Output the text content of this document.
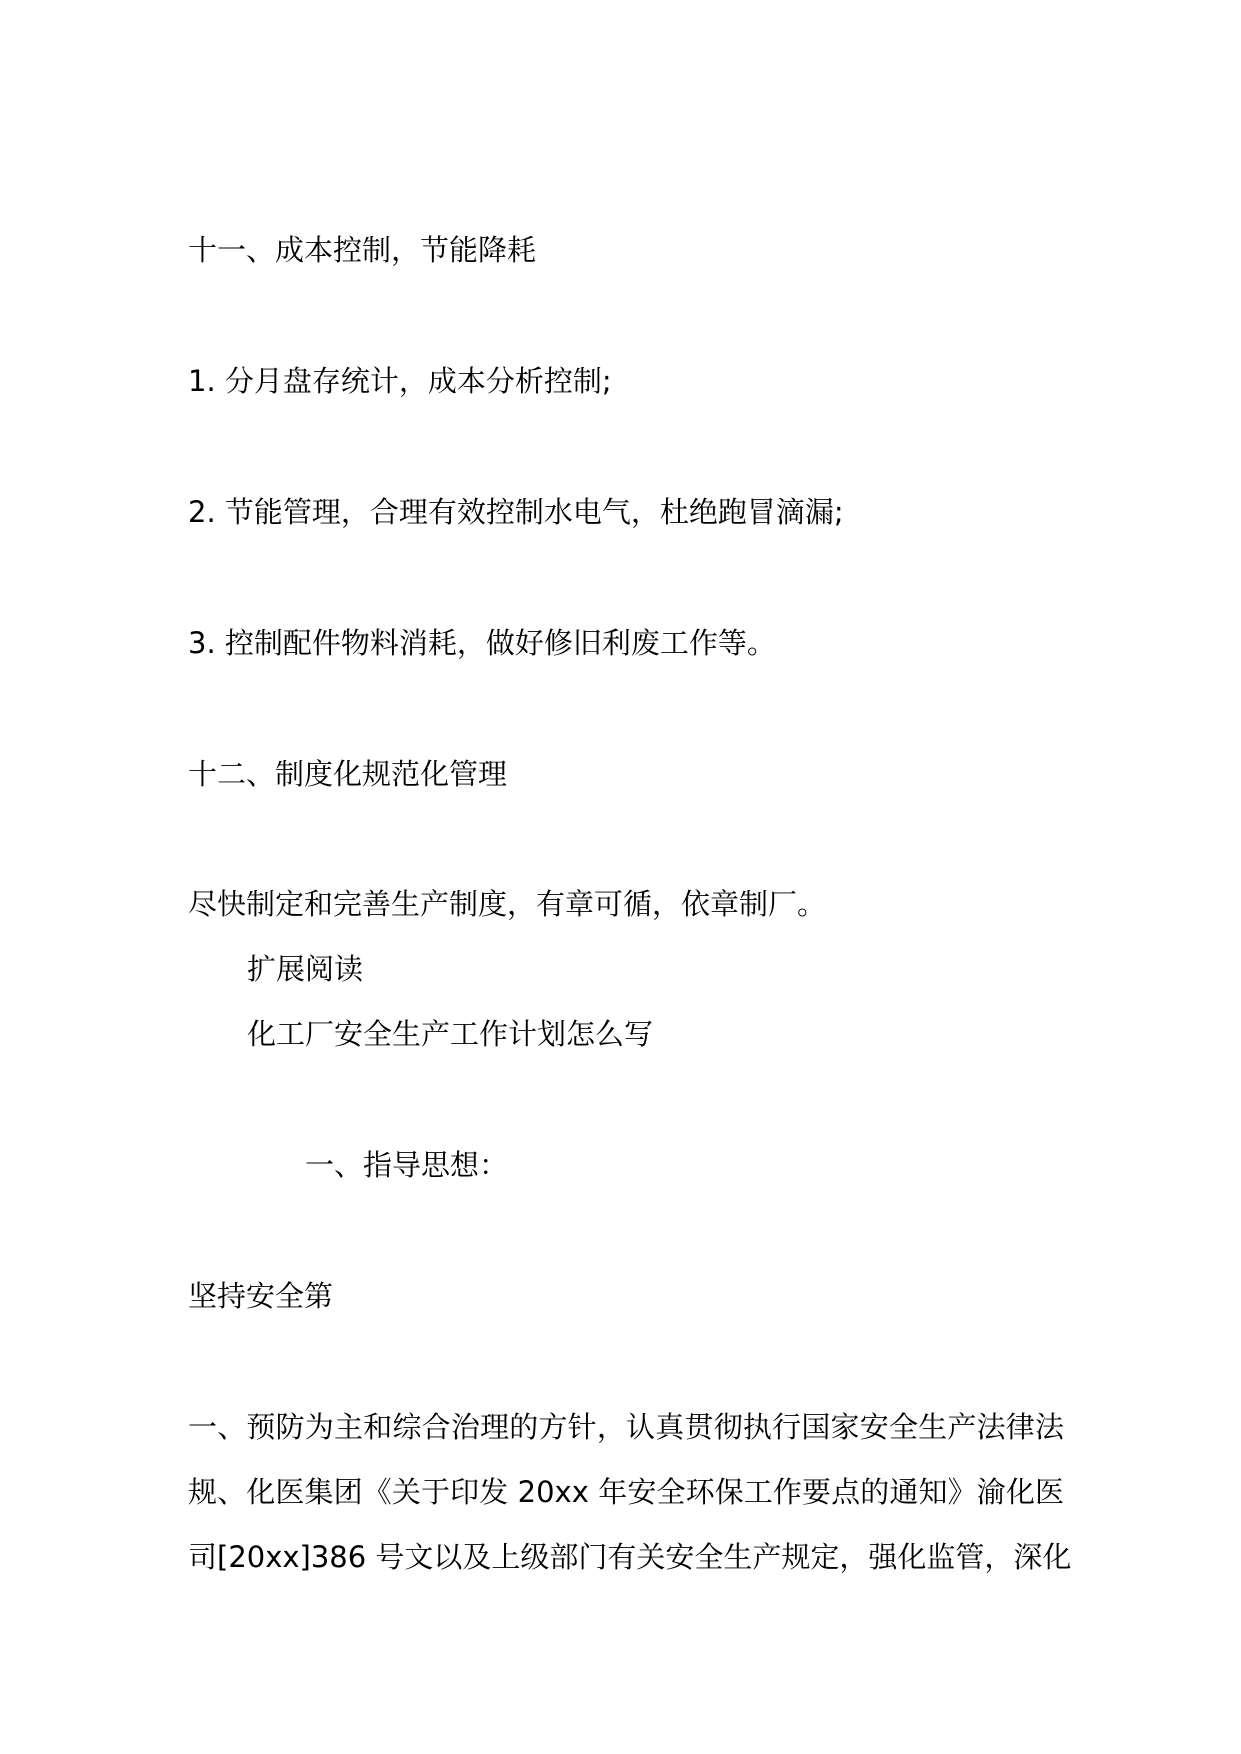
十一、成本控制，节能降耗
1. 分月盘存统计，成本分析控制;
2. 节能管理，合理有效控制水电气，杜绝跑冒滴漏;
3. 控制配件物料消耗，做好修旧利废工作等。
十二、制度化规范化管理
尽快制定和完善生产制度，有章可循，依章制厂。
扩展阅读
化工厂安全生产工作计划怎么写
一、指导思想：
坚持安全第
一、预防为主和综合治理的方针，认真贯彻执行国家安全生产法律法
规、化医集团《关于印发 20xx 年安全环保工作要点的通知》渝化医
司[20xx]386 号文以及上级部门有关安全生产规定，强化监管，深化
